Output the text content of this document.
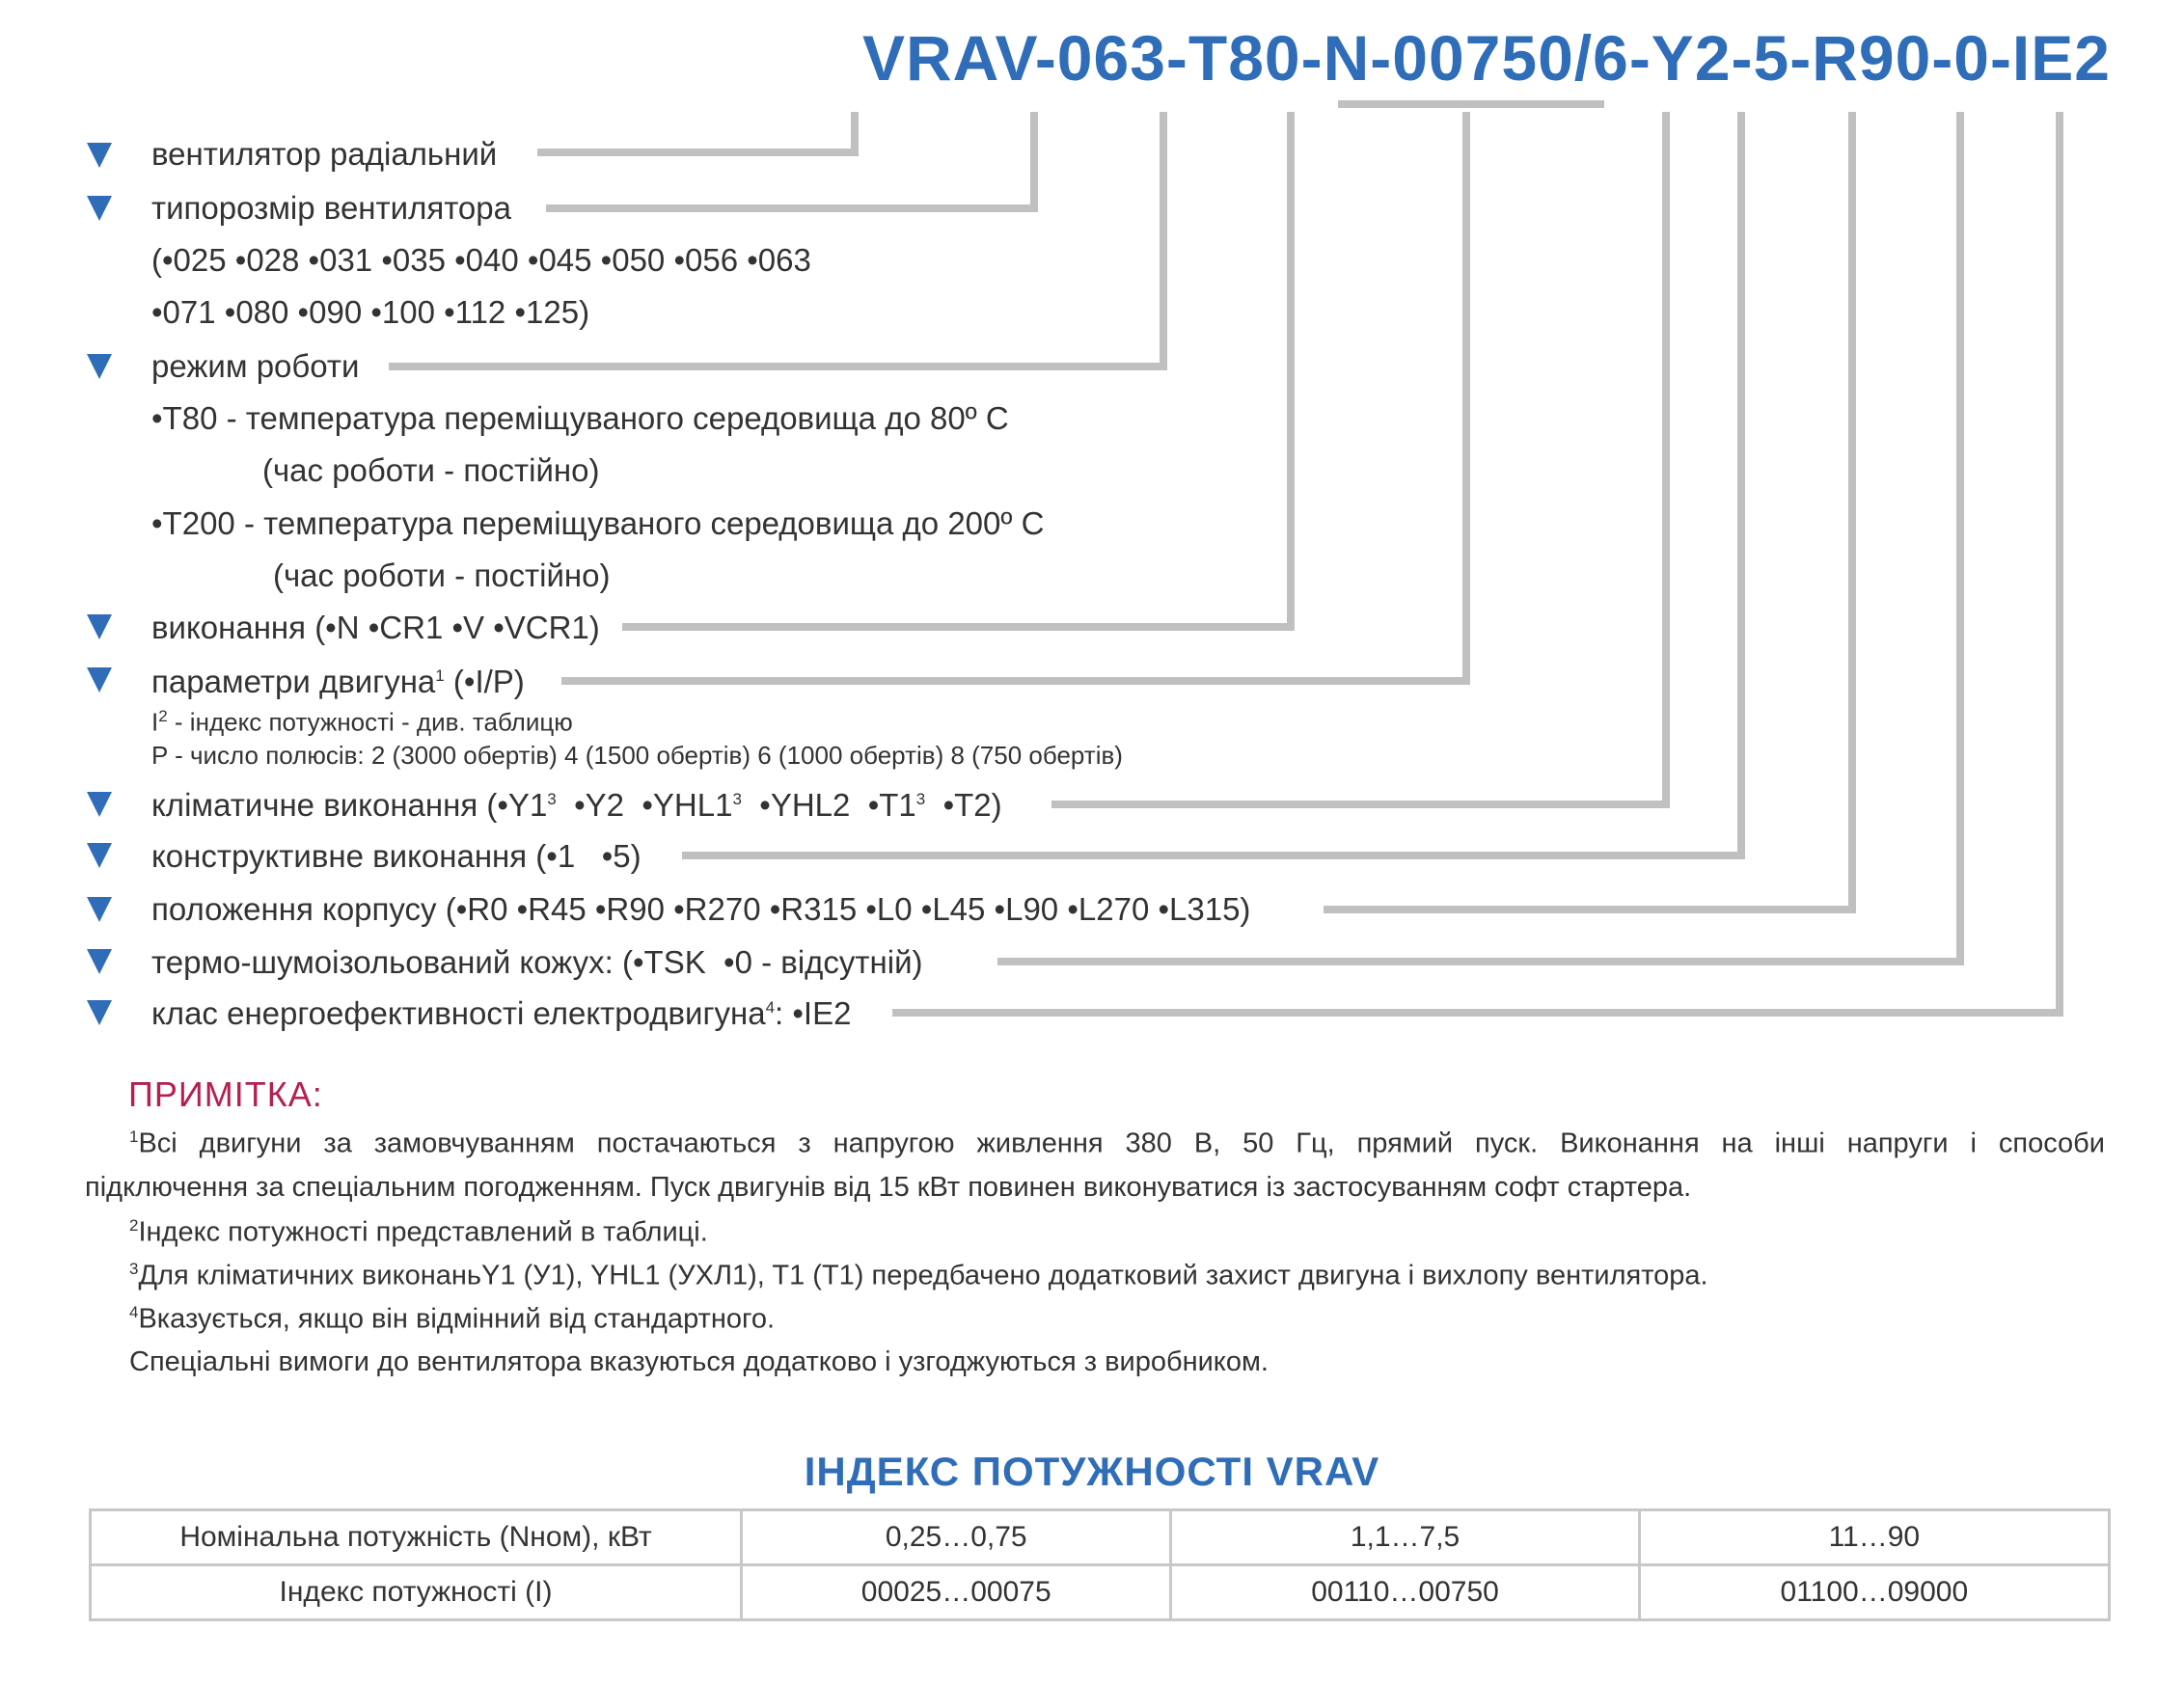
VRAV-063-T80-N-00750/6-Y2-5-R90-0-IE2
вентилятор радіальний
типорозмір вентилятора
(•025 •028 •031 •035 •040 •045 •050 •056 •063
•071 •080 •090 •100 •112 •125)
режим роботи
•T80 - температура переміщуваного середовища до 80º С
(час роботи - постійно)
•T200 - температура переміщуваного середовища до 200º С
(час роботи - постійно)
виконання (•N •CR1 •V •VCR1)
параметри двигуна$^1$ (•I/P)
$I^2$ - індекс потужності - див. таблицю
P - число полюсів: 2 (3000 обертів) 4 (1500 обертів) 6 (1000 обертів) 8 (750 обертів)
кліматичне виконання ($•Y1^3$  •Y2  $•YHL1^3$  •YHL2  $•T1^3$  •T2)
конструктивне виконання (•1   •5)
положення корпусу (•R0 •R45 •R90 •R270 •R315 •L0 •L45 •L90 •L270 •L315)
термо-шумоізольований кожух: (•TSK  •0 - відсутній)
клас енергоефективності електродвигуна$^4$: •IE2
ПРИМІТКА:
$^1$Всі двигуни за замовчуванням постачаються з напругою живлення 380 В, 50 Гц, прямий пуск. Виконання на інші напруги і способи
підключення за спеціальним погодженням. Пуск двигунів від 15 кВт повинен виконуватися із застосуванням софт стартера.
$^2$Індекс потужності представлений в таблиці.
$^3$Для кліматичних виконаньY1 (У1), YHL1 (УХЛ1), T1 (Т1) передбачено додатковий захист двигуна і вихлопу вентилятора.
$^4$Вказується, якщо він відмінний від стандартного.
Спеціальні вимоги до вентилятора вказуються додатково і узгоджуються з виробником.
ІНДЕКС ПОТУЖНОСТІ VRAV
Номінальна потужність (Nном), кВт	0,25…0,75	1,1…7,5	11…90
Індекс потужності (I)	00025…00075	00110…00750	01100…09000
